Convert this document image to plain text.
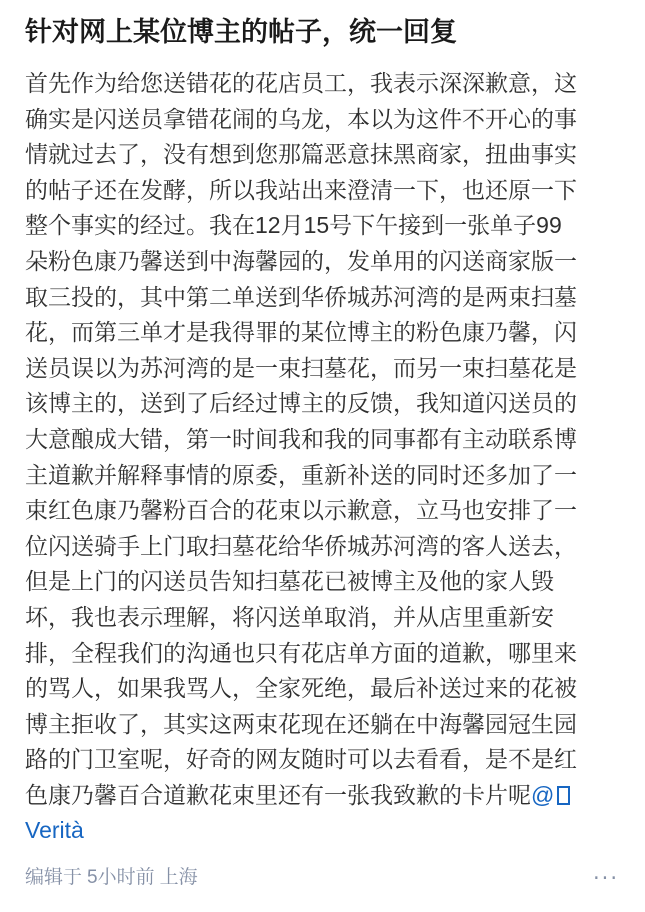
针对网上某位博主的帖子，统一回复
首先作为给您送错花的花店员工，我表示深深歉意，这
确实是闪送员拿错花闹的乌龙，本以为这件不开心的事
情就过去了，没有想到您那篇恶意抹黑商家，扭曲事实
的帖子还在发酵，所以我站出来澄清一下，也还原一下
整个事实的经过。我在12月15号下午接到一张单子99
朵粉色康乃馨送到中海馨园的，发单用的闪送商家版一
取三投的，其中第二单送到华侨城苏河湾的是两束扫墓
花，而第三单才是我得罪的某位博主的粉色康乃馨，闪
送员误以为苏河湾的是一束扫墓花，而另一束扫墓花是
该博主的，送到了后经过博主的反馈，我知道闪送员的
大意酿成大错，第一时间我和我的同事都有主动联系博
主道歉并解释事情的原委，重新补送的同时还多加了一
束红色康乃馨粉百合的花束以示歉意，立马也安排了一
位闪送骑手上门取扫墓花给华侨城苏河湾的客人送去，
但是上门的闪送员告知扫墓花已被博主及他的家人毁
坏，我也表示理解，将闪送单取消，并从店里重新安
排，全程我们的沟通也只有花店单方面的道歉，哪里来
的骂人，如果我骂人，全家死绝，最后补送过来的花被
博主拒收了，其实这两束花现在还躺在中海馨园冠生园
路的门卫室呢，好奇的网友随时可以去看看，是不是红
色康乃馨百合道歉花束里还有一张我致歉的卡片呢@
Verità
编辑于 5小时前 上海	···
